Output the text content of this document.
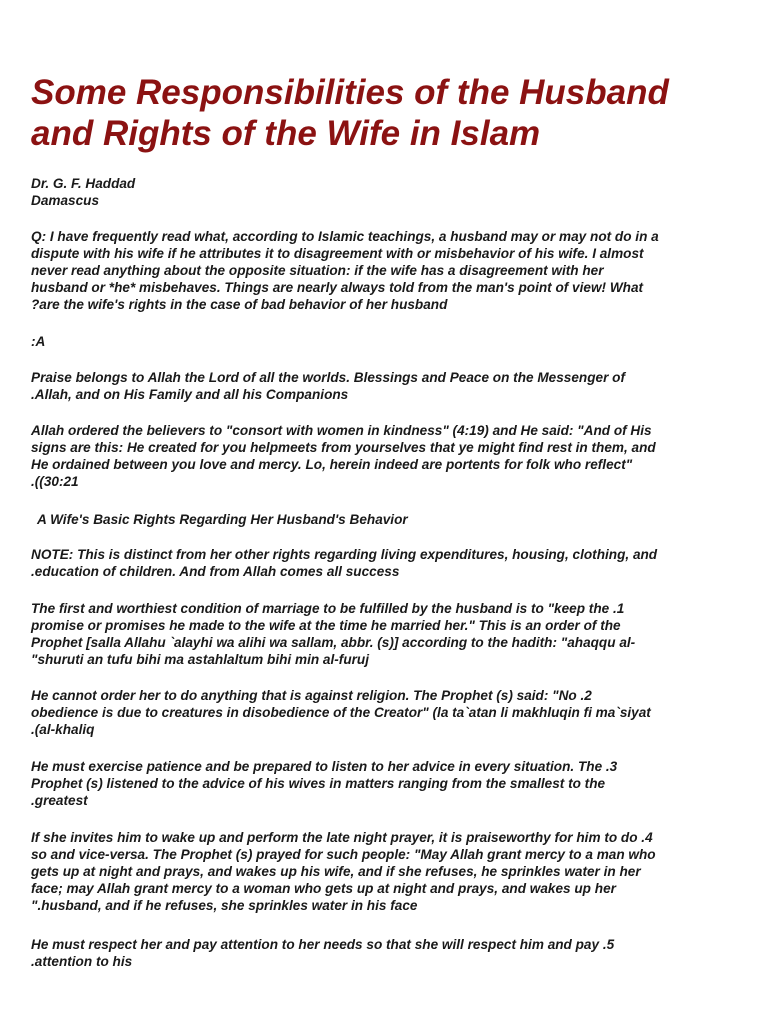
Some Responsibilities of the Husband
and Rights of the Wife in Islam
Dr. G. F. Haddad
Damascus
Q: I have frequently read what, according to Islamic teachings, a husband may or may not do in a
dispute with his wife if he attributes it to disagreement with or misbehavior of his wife. I almost
never read anything about the opposite situation: if the wife has a disagreement with her
husband or *he* misbehaves. Things are nearly always told from the man's point of view! What
?are the wife's rights in the case of bad behavior of her husband
:A
Praise belongs to Allah the Lord of all the worlds. Blessings and Peace on the Messenger of
.Allah, and on His Family and all his Companions
Allah ordered the believers to "consort with women in kindness" (4:19) and He said: "And of His
signs are this: He created for you helpmeets from yourselves that ye might find rest in them, and
He ordained between you love and mercy. Lo, herein indeed are portents for folk who reflect"
.((30:21
A Wife's Basic Rights Regarding Her Husband's Behavior
NOTE: This is distinct from her other rights regarding living expenditures, housing, clothing, and
.education of children. And from Allah comes all success
The first and worthiest condition of marriage to be fulfilled by the husband is to "keep the .1
promise or promises he made to the wife at the time he married her." This is an order of the
Prophet [salla Allahu `alayhi wa alihi wa sallam, abbr. (s)] according to the hadith: "ahaqqu al-
"shuruti an tufu bihi ma astahlaltum bihi min al-furuj
He cannot order her to do anything that is against religion. The Prophet (s) said: "No .2
obedience is due to creatures in disobedience of the Creator" (la ta`atan li makhluqin fi ma`siyat
.(al-khaliq
He must exercise patience and be prepared to listen to her advice in every situation. The .3
Prophet (s) listened to the advice of his wives in matters ranging from the smallest to the
.greatest
If she invites him to wake up and perform the late night prayer, it is praiseworthy for him to do .4
so and vice-versa. The Prophet (s) prayed for such people: "May Allah grant mercy to a man who
gets up at night and prays, and wakes up his wife, and if she refuses, he sprinkles water in her
face; may Allah grant mercy to a woman who gets up at night and prays, and wakes up her
".husband, and if he refuses, she sprinkles water in his face
He must respect her and pay attention to her needs so that she will respect him and pay .5
.attention to his
